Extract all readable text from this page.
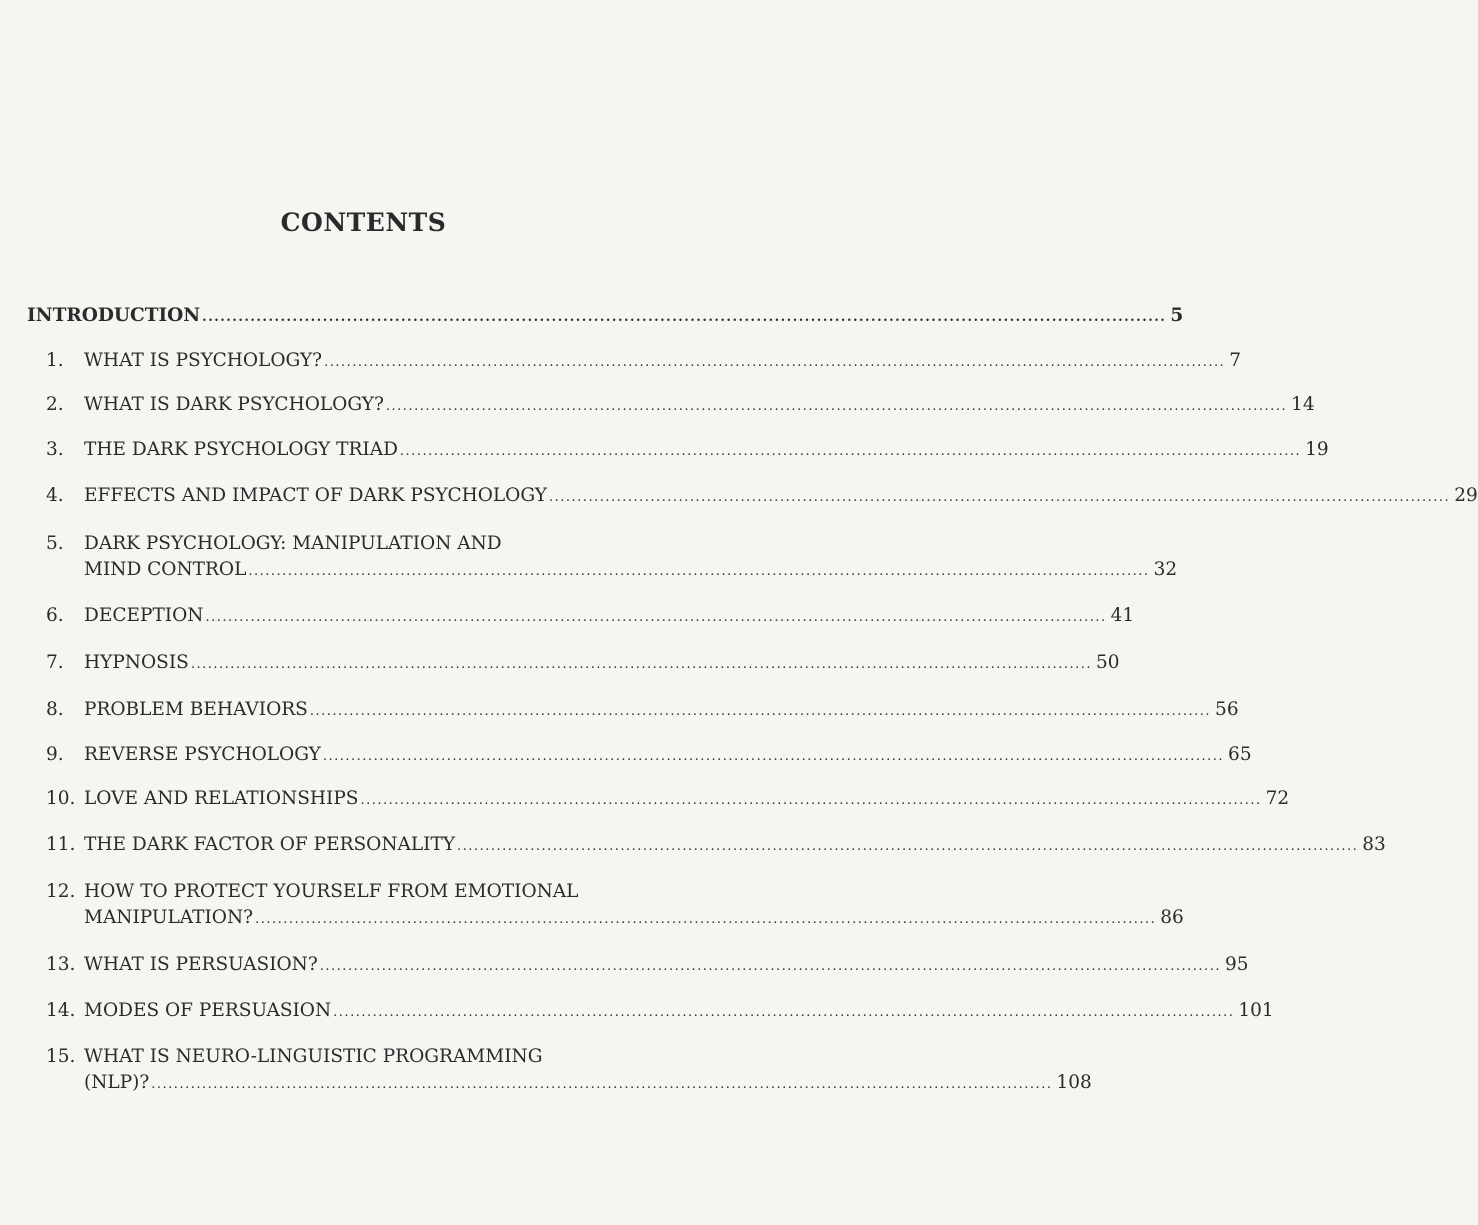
CONTENTS
INTRODUCTION ................................................................................................................................................................ 5
1. WHAT IS PSYCHOLOGY? ................................................................................................................................................................ 7
2. WHAT IS DARK PSYCHOLOGY? ................................................................................................................................................................ 14
3. THE DARK PSYCHOLOGY TRIAD ................................................................................................................................................................ 19
4. EFFECTS AND IMPACT OF DARK PSYCHOLOGY ................................................................................................................................................................ 29
5. DARK PSYCHOLOGY: MANIPULATION AND
MIND CONTROL ................................................................................................................................................................ 32
6. DECEPTION ................................................................................................................................................................ 41
7. HYPNOSIS ................................................................................................................................................................ 50
8. PROBLEM BEHAVIORS ................................................................................................................................................................ 56
9. REVERSE PSYCHOLOGY ................................................................................................................................................................ 65
10. LOVE AND RELATIONSHIPS ................................................................................................................................................................ 72
11. THE DARK FACTOR OF PERSONALITY ................................................................................................................................................................ 83
12. HOW TO PROTECT YOURSELF FROM EMOTIONAL
MANIPULATION? ................................................................................................................................................................ 86
13. WHAT IS PERSUASION? ................................................................................................................................................................ 95
14. MODES OF PERSUASION ................................................................................................................................................................ 101
15. WHAT IS NEURO-LINGUISTIC PROGRAMMING
(NLP)? ................................................................................................................................................................ 108
